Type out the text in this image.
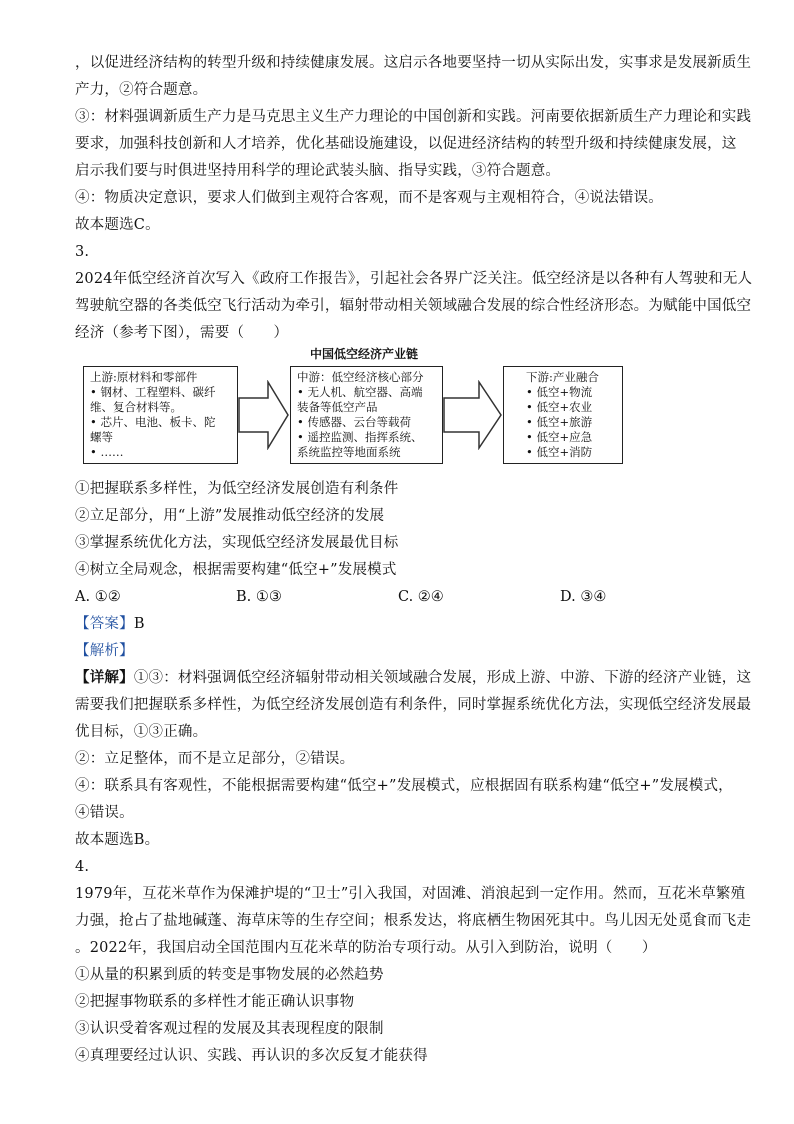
，以促进经济结构的转型升级和持续健康发展。这启示各地要坚持一切从实际出发，实事求是发展新质生
产力，②符合题意。
③：材料强调新质生产力是马克思主义生产力理论的中国创新和实践。河南要依据新质生产力理论和实践
要求，加强科技创新和人才培养，优化基础设施建设，以促进经济结构的转型升级和持续健康发展，这
启示我们要与时俱进坚持用科学的理论武装头脑、指导实践，③符合题意。
④：物质决定意识，要求人们做到主观符合客观，而不是客观与主观相符合，④说法错误。
故本题选C。
3.
2024年低空经济首次写入《政府工作报告》，引起社会各界广泛关注。低空经济是以各种有人驾驶和无人
驾驶航空器的各类低空飞行活动为牵引，辐射带动相关领域融合发展的综合性经济形态。为赋能中国低空
经济（参考下图），需要（　　）
中国低空经济产业链
上游:原材料和零部件
• 钢材、工程塑料、碳纤
维、复合材料等。
• 芯片、电池、板卡、陀
螺等
• ……
中游：低空经济核心部分
• 无人机、航空器、高端
装备等低空产品
• 传感器、云台等载荷
• 遥控监测、指挥系统、
系统监控等地面系统
下游:产业融合
• 低空+物流
• 低空+农业
• 低空+旅游
• 低空+应急
• 低空+消防
①把握联系多样性，为低空经济发展创造有利条件
②立足部分，用“上游”发展推动低空经济的发展
③掌握系统优化方法，实现低空经济发展最优目标
④树立全局观念，根据需要构建“低空+”发展模式
A. ①②	B. ①③	C. ②④	D. ③④
【答案】B
【解析】
【详解】①③：材料强调低空经济辐射带动相关领域融合发展，形成上游、中游、下游的经济产业链，这
需要我们把握联系多样性，为低空经济发展创造有利条件，同时掌握系统优化方法，实现低空经济发展最
优目标，①③正确。
②：立足整体，而不是立足部分，②错误。
④：联系具有客观性，不能根据需要构建“低空+”发展模式，应根据固有联系构建“低空+”发展模式，
④错误。
故本题选B。
4.
1979年，互花米草作为保滩护堤的“卫士”引入我国，对固滩、消浪起到一定作用。然而，互花米草繁殖
力强，抢占了盐地碱蓬、海草床等的生存空间；根系发达，将底栖生物困死其中。鸟儿因无处觅食而飞走
。2022年，我国启动全国范围内互花米草的防治专项行动。从引入到防治，说明（　　）
①从量的积累到质的转变是事物发展的必然趋势
②把握事物联系的多样性才能正确认识事物
③认识受着客观过程的发展及其表现程度的限制
④真理要经过认识、实践、再认识的多次反复才能获得
